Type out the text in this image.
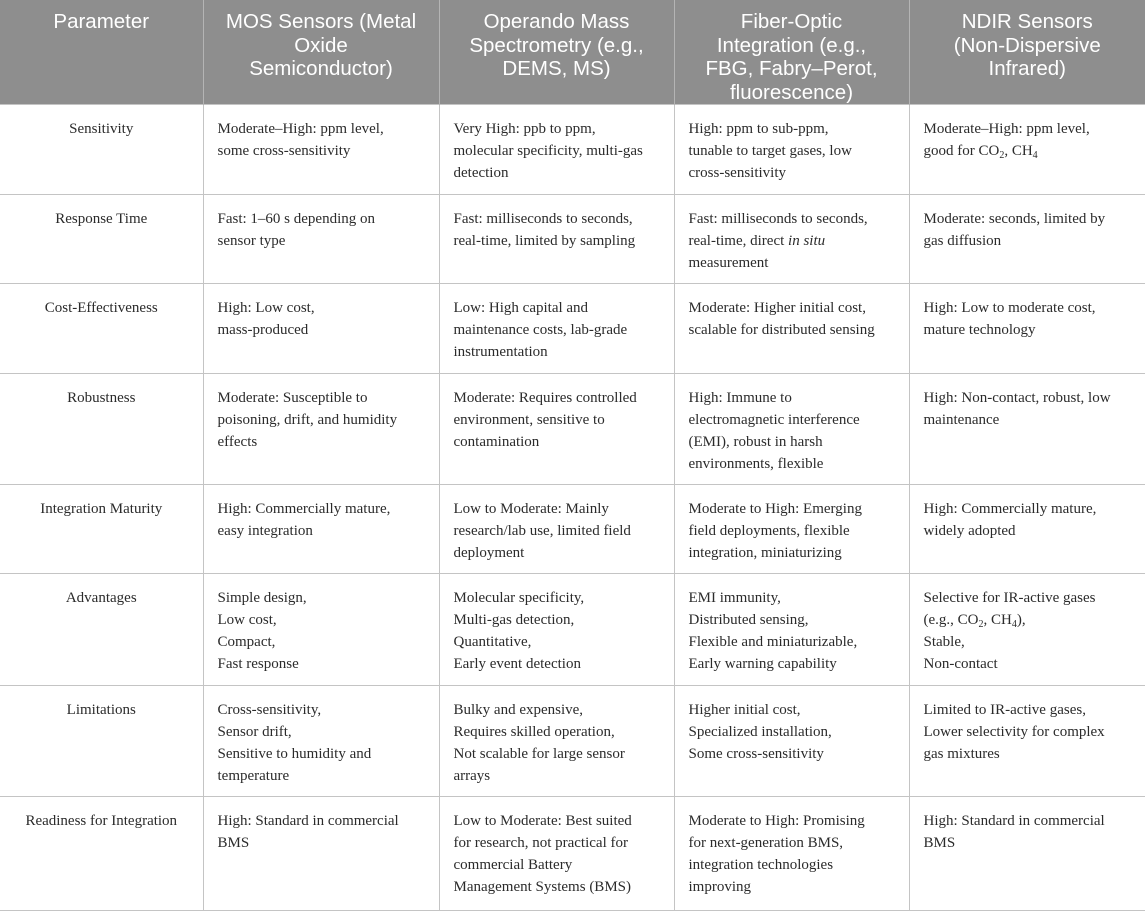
Parameter	MOS Sensors (Metal
Oxide
Semiconductor)	Operando Mass
Spectrometry (e.g.,
DEMS, MS)	Fiber-Optic
Integration (e.g.,
FBG, Fabry–Perot,
fluorescence)	NDIR Sensors
(Non-Dispersive
Infrared)
Sensitivity	Moderate–High: ppm level,
some cross-sensitivity	Very High: ppb to ppm,
molecular specificity, multi-gas
detection	High: ppm to sub-ppm,
tunable to target gases, low
cross-sensitivity	Moderate–High: ppm level,
good for $CO_2$, $CH_4$

Response Time	Fast: 1–60 s depending on
sensor type	Fast: milliseconds to seconds,
real-time, limited by sampling	Fast: milliseconds to seconds,
real-time, direct in situ
measurement	Moderate: seconds, limited by
gas diffusion

Cost-Effectiveness	High: Low cost,
mass-produced	Low: High capital and
maintenance costs, lab-grade
instrumentation	Moderate: Higher initial cost,
scalable for distributed sensing	High: Low to moderate cost,
mature technology

Robustness	Moderate: Susceptible to
poisoning, drift, and humidity
effects	Moderate: Requires controlled
environment, sensitive to
contamination	High: Immune to
electromagnetic interference
(EMI), robust in harsh
environments, flexible	High: Non-contact, robust, low
maintenance

Integration Maturity	High: Commercially mature,
easy integration	Low to Moderate: Mainly
research/lab use, limited field
deployment	Moderate to High: Emerging
field deployments, flexible
integration, miniaturizing	High: Commercially mature,
widely adopted

Advantages	Simple design,
Low cost,
Compact,
Fast response	Molecular specificity,
Multi-gas detection,
Quantitative,
Early event detection	EMI immunity,
Distributed sensing,
Flexible and miniaturizable,
Early warning capability	Selective for IR-active gases
(e.g., $CO_2$, $CH_4$),
Stable,
Non-contact

Limitations	Cross-sensitivity,
Sensor drift,
Sensitive to humidity and
temperature	Bulky and expensive,
Requires skilled operation,
Not scalable for large sensor
arrays	Higher initial cost,
Specialized installation,
Some cross-sensitivity	Limited to IR-active gases,
Lower selectivity for complex
gas mixtures

Readiness for Integration	High: Standard in commercial
BMS	Low to Moderate: Best suited
for research, not practical for
commercial Battery
Management Systems (BMS)	Moderate to High: Promising
for next-generation BMS,
integration technologies
improving	High: Standard in commercial
BMS
